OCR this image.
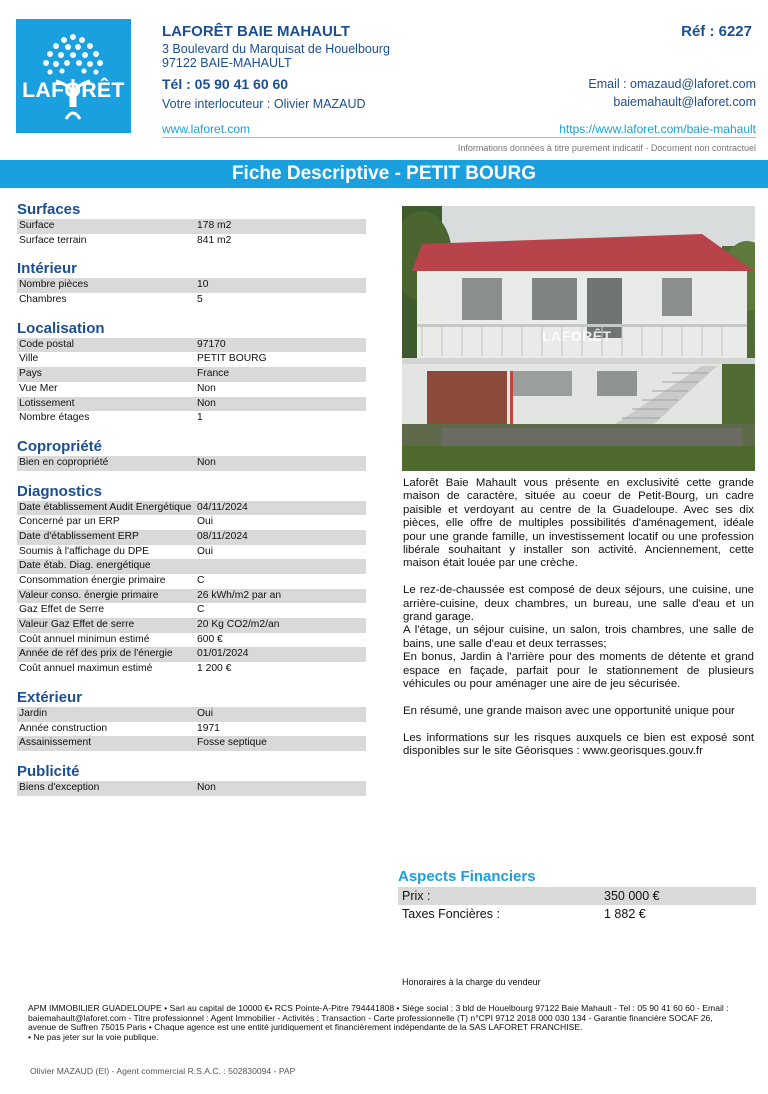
LAFORÊT
LAFORÊT BAIE MAHAULT
3 Boulevard du Marquisat de Houelbourg
97122 BAIE-MAHAULT
Tél : 05 90 41 60 60
Votre interlocuteur : Olivier MAZAUD
Réf : 6227
Email : omazaud@laforet.com
baiemahault@laforet.com
www.laforet.com	https://www.laforet.com/baie-mahault
Informations données à titre purement indicatif - Document non contractuel
Fiche Descriptive - PETIT BOURG
Surfaces
Surface	178 m2
Surface terrain	841 m2
Intérieur
Nombre pièces	10
Chambres	5
Localisation
Code postal	97170
Ville	PETIT BOURG
Pays	France
Vue Mer	Non
Lotissement	Non
Nombre étages	1
Copropriété
Bien en copropriété	Non
Diagnostics
Date établissement Audit Energétique 04/11/2024
Concerné par un ERP	Oui
Date d'établissement ERP	08/11/2024
Soumis à l'affichage du DPE	Oui
Date étab. Diag. energétique
Consommation énergie primaire	C
Valeur conso. énergie primaire	26 kWh/m2 par an
Gaz Effet de Serre	C
Valeur Gaz Effet de serre	20 Kg CO2/m2/an
Coût annuel minimun estimé	600 €
Année de réf des prix de l'énergie	01/01/2024
Coût annuel maximun estimé	1 200 €
Extérieur
Jardin	Oui
Année construction	1971
Assainissement	Fosse septique
Publicité
Biens d'exception	Non
LAFORÊT

Laforêt Baie Mahault vous présente en exclusivité cette grande maison de caractère, située au coeur de Petit-Bourg, un cadre paisible et verdoyant au centre de la Guadeloupe. Avec ses dix pièces, elle offre de multiples possibilités d'aménagement, idéale pour une grande famille, un investissement locatif ou une profession libérale souhaitant y installer son activité. Anciennement, cette maison était louée par une crèche.

Le rez-de-chaussée est composé de deux séjours, une cuisine, une arrière-cuisine, deux chambres, un bureau, une salle d'eau et un grand garage.

A l'étage, un séjour cuisine, un salon, trois chambres, une salle de bains, une salle d'eau et deux terrasses;

En bonus, Jardin à l'arrière pour des moments de détente et grand espace en façade, parfait pour le stationnement de plusieurs véhicules ou pour aménager une aire de jeu sécurisée.

En résumé, une grande maison avec une opportunité unique pour

Les informations sur les risques auxquels ce bien est exposé sont disponibles sur le site Géorisques : www.georisques.gouv.fr

Aspects Financiers
Prix :	350 000 €
Taxes Foncières :	1 882 €
Honoraires à la charge du vendeur
APM IMMOBILIER GUADELOUPE • Sarl au capital de 10000 €• RCS Pointe-A-Pitre 794441808 • Siège social : 3 bld de Houelbourg 97122 Baie Mahault - Tel : 05 90 41 60 60 - Email : baiemahault@laforet.com - Titre professionnel : Agent Immobilier - Activités : Transaction - Carte professionnelle (T) n°CPI 9712 2018 000 030 134 - Garantie financière SOCAF 26, avenue de Suffren 75015 Paris • Chaque agence est une entité juridiquement et financièrement indépendante de la SAS LAFORET FRANCHISE.
• Ne pas jeter sur la voie publique.
Olivier MAZAUD (EI) - Agent commercial R.S.A.C. : 502830094 - PAP
